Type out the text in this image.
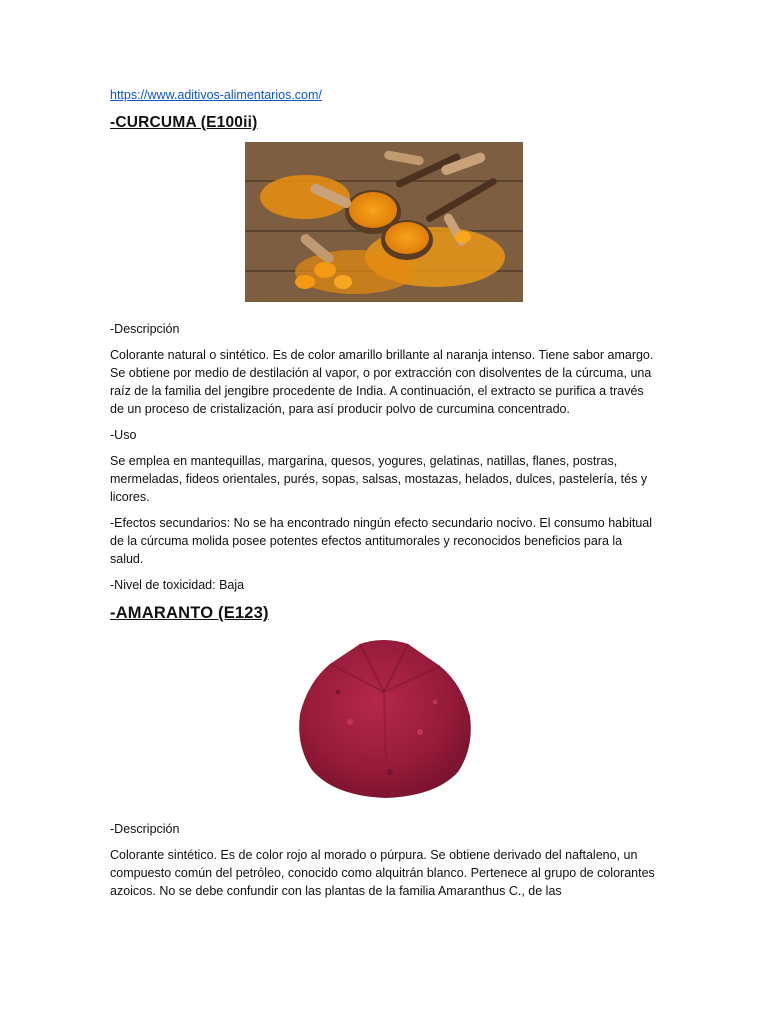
https://www.aditivos-alimentarios.com/
-CURCUMA (E100ii)
-Descripción
Colorante natural o sintético. Es de color amarillo brillante al naranja intenso. Tiene sabor amargo. Se obtiene por medio de destilación al vapor, o por extracción con disolventes de la cúrcuma, una raíz de la familia del jengibre procedente de India. A continuación, el extracto se purifica a través de un proceso de cristalización, para así producir polvo de curcumina concentrado.
-Uso
Se emplea en mantequillas, margarina, quesos, yogures, gelatinas, natillas, flanes, postras, mermeladas, fideos orientales, purés, sopas, salsas, mostazas, helados, dulces, pastelería, tés y licores.
-Efectos secundarios: No se ha encontrado ningún efecto secundario nocivo. El consumo habitual de la cúrcuma molida posee potentes efectos antitumorales y reconocidos beneficios para la salud.
-Nivel de toxicidad: Baja
-AMARANTO (E123)
-Descripción
Colorante sintético. Es de color rojo al morado o púrpura. Se obtiene derivado del naftaleno, un compuesto común del petróleo, conocido como alquitrán blanco. Pertenece al grupo de colorantes azoicos. No se debe confundir con las plantas de la familia Amaranthus C., de las
